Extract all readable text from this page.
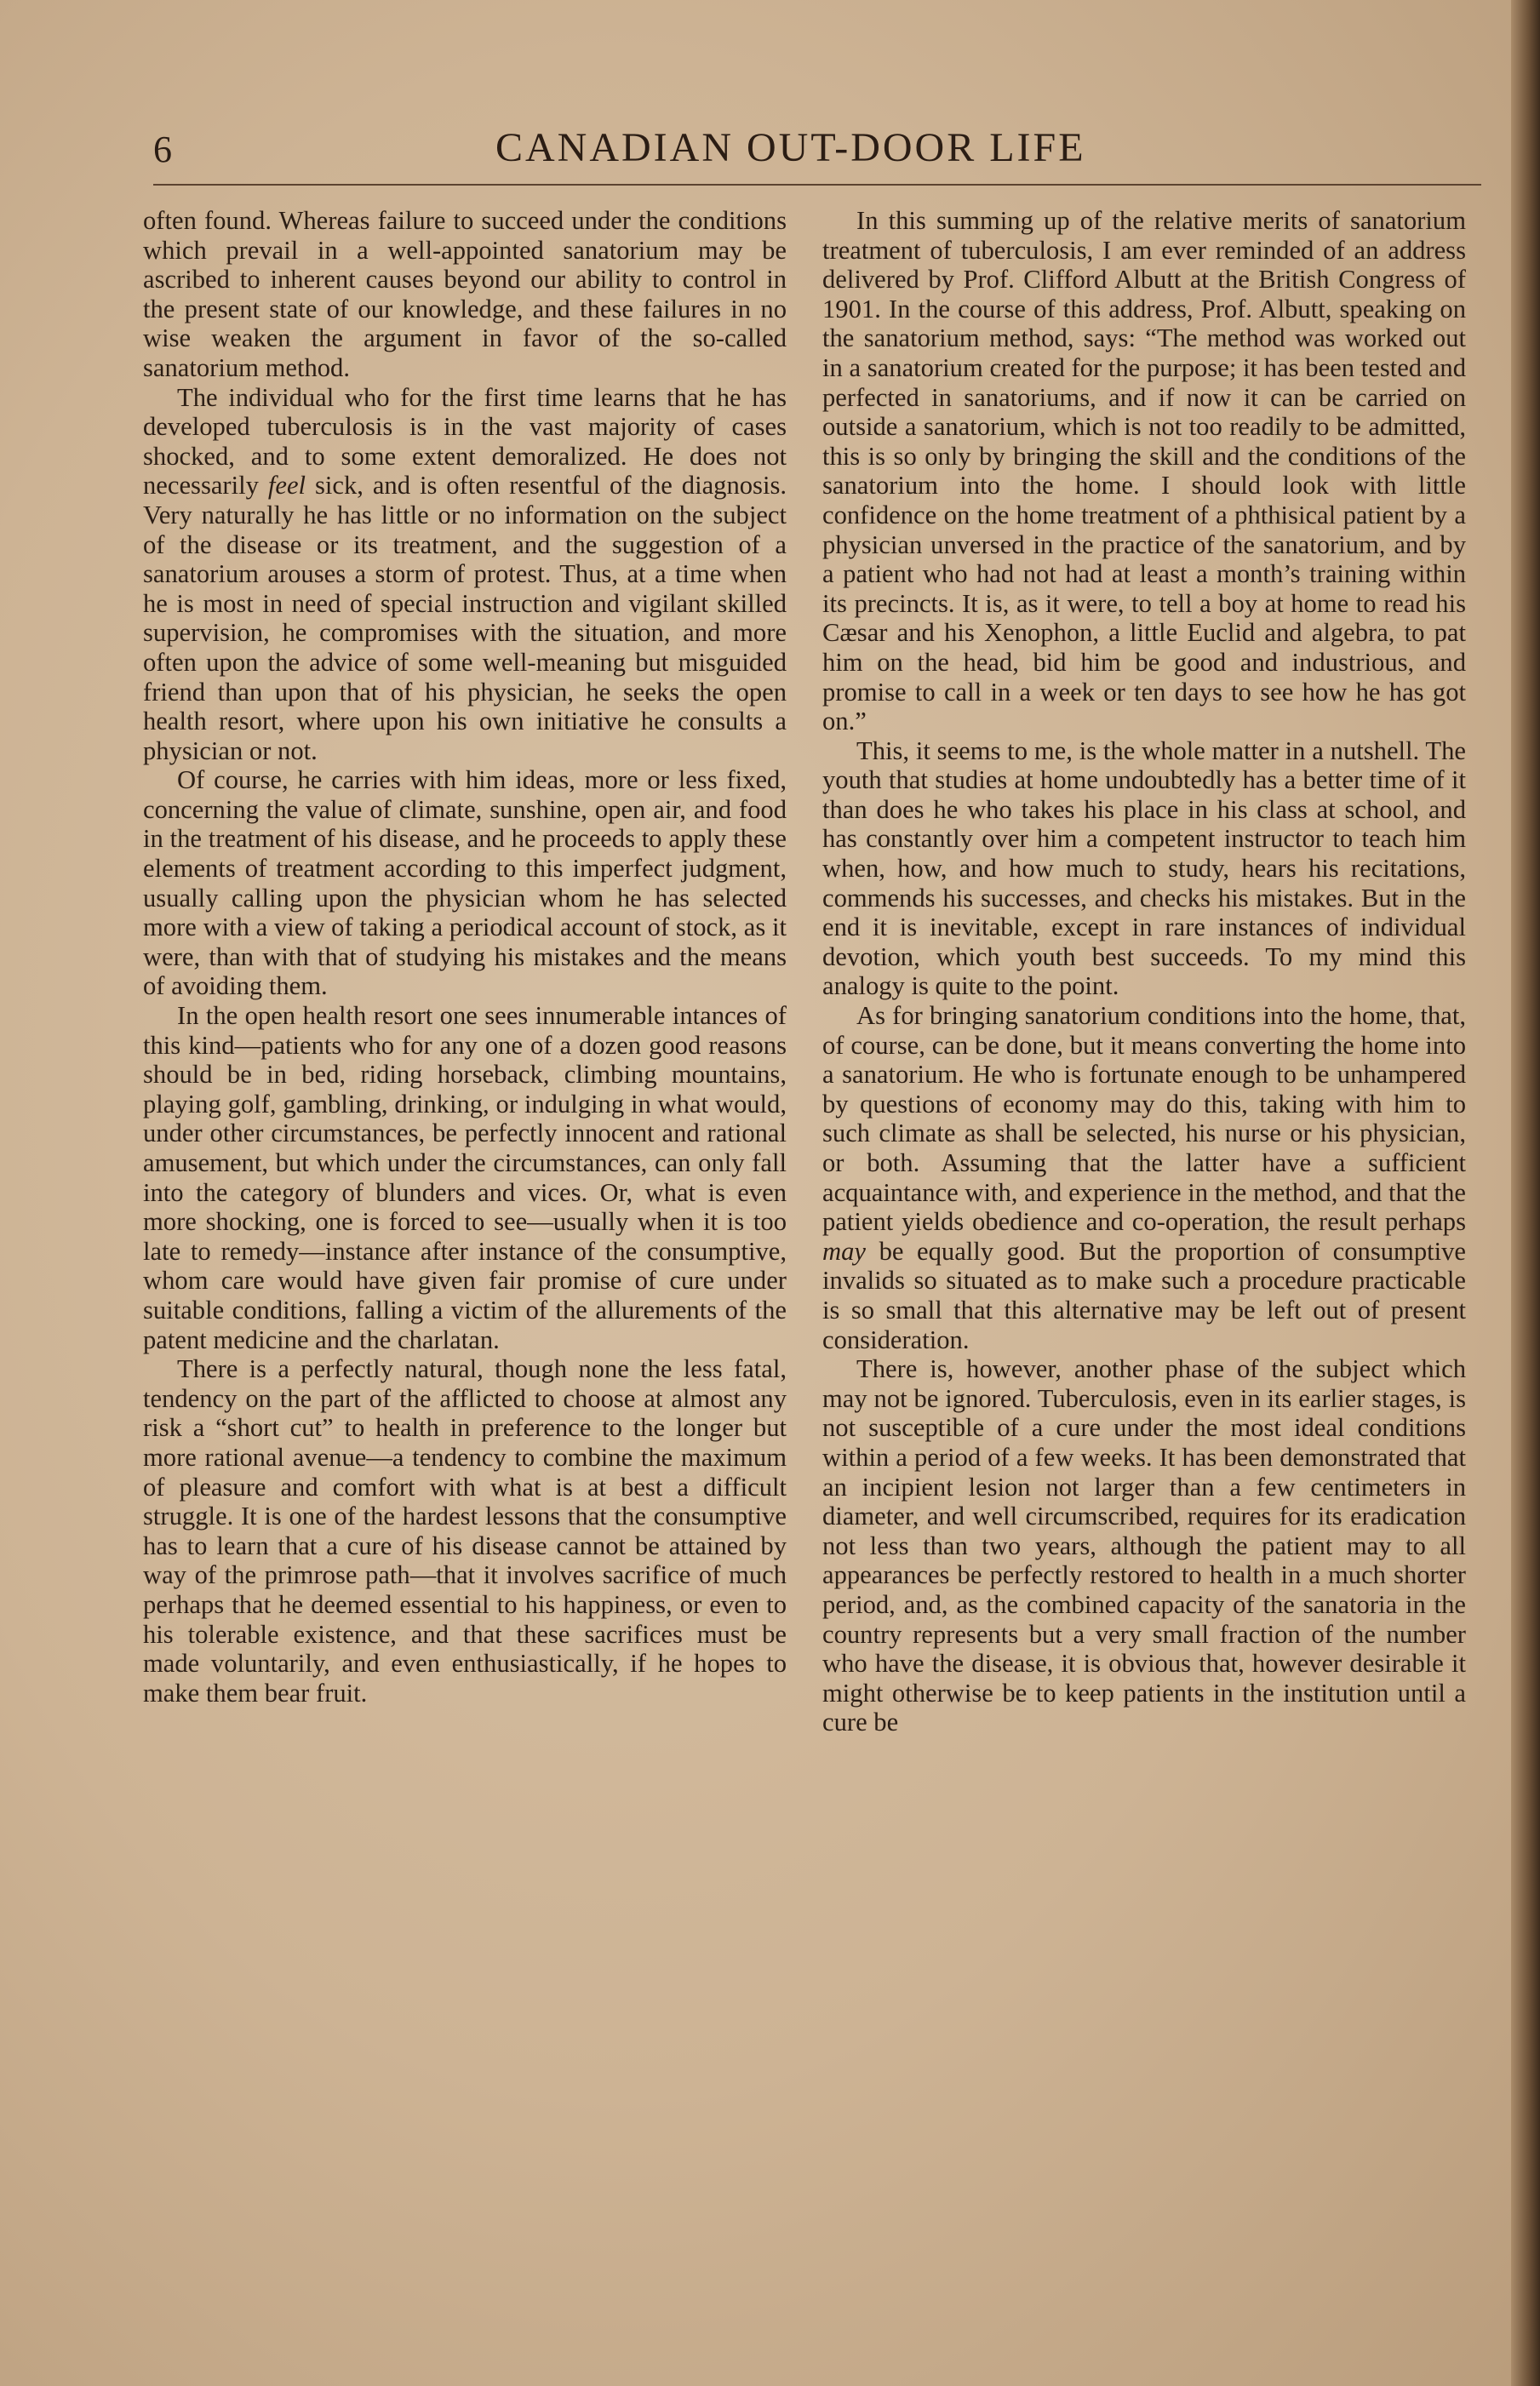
6	CANADIAN OUT-DOOR LIFE

often found. Whereas failure to succeed under the conditions which prevail in a well-appointed sanatorium may be ascribed to inherent causes beyond our ability to control in the present state of our knowledge, and these failures in no wise weaken the argument in favor of the so-called sanatorium method.

The individual who for the first time learns that he has developed tuberculosis is in the vast majority of cases shocked, and to some extent demoralized. He does not necessarily feel sick, and is often resentful of the diagnosis. Very naturally he has little or no information on the subject of the disease or its treatment, and the suggestion of a sanatorium arouses a storm of protest. Thus, at a time when he is most in need of special instruction and vigilant skilled supervision, he compromises with the situation, and more often upon the advice of some well-meaning but misguided friend than upon that of his physician, he seeks the open health resort, where upon his own initiative he consults a physician or not.

Of course, he carries with him ideas, more or less fixed, concerning the value of climate, sunshine, open air, and food in the treatment of his disease, and he proceeds to apply these elements of treatment according to this imperfect judgment, usually calling upon the physician whom he has selected more with a view of taking a periodical account of stock, as it were, than with that of studying his mistakes and the means of avoiding them.

In the open health resort one sees innumerable intances of this kind—patients who for any one of a dozen good reasons should be in bed, riding horseback, climbing mountains, playing golf, gambling, drinking, or indulging in what would, under other circumstances, be perfectly innocent and rational amusement, but which under the circumstances, can only fall into the category of blunders and vices. Or, what is even more shocking, one is forced to see—usually when it is too late to remedy—instance after instance of the consumptive, whom care would have given fair promise of cure under suitable conditions, falling a victim of the allurements of the patent medicine and the charlatan.

There is a perfectly natural, though none the less fatal, tendency on the part of the afflicted to choose at almost any risk a “short cut” to health in preference to the longer but more rational avenue—a tendency to combine the maximum of pleasure and comfort with what is at best a difficult struggle. It is one of the hardest lessons that the consumptive has to learn that a cure of his disease cannot be attained by way of the primrose path—that it involves sacrifice of much perhaps that he deemed essential to his happiness, or even to his tolerable existence, and that these sacrifices must be made voluntarily, and even enthusiastically, if he hopes to make them bear fruit.

In this summing up of the relative merits of sanatorium treatment of tuberculosis, I am ever reminded of an address delivered by Prof. Clifford Albutt at the British Congress of 1901. In the course of this address, Prof. Albutt, speaking on the sanatorium method, says: “The method was worked out in a sanatorium created for the purpose; it has been tested and perfected in sanatoriums, and if now it can be carried on outside a sanatorium, which is not too readily to be admitted, this is so only by bringing the skill and the conditions of the sanatorium into the home. I should look with little confidence on the home treatment of a phthisical patient by a physician unversed in the practice of the sanatorium, and by a patient who had not had at least a month’s training within its precincts. It is, as it were, to tell a boy at home to read his Cæsar and his Xenophon, a little Euclid and algebra, to pat him on the head, bid him be good and industrious, and promise to call in a week or ten days to see how he has got on.”

This, it seems to me, is the whole matter in a nutshell. The youth that studies at home undoubtedly has a better time of it than does he who takes his place in his class at school, and has constantly over him a competent instructor to teach him when, how, and how much to study, hears his recitations, commends his successes, and checks his mistakes. But in the end it is inevitable, except in rare instances of individual devotion, which youth best succeeds. To my mind this analogy is quite to the point.

As for bringing sanatorium conditions into the home, that, of course, can be done, but it means converting the home into a sanatorium. He who is fortunate enough to be unhampered by questions of economy may do this, taking with him to such climate as shall be selected, his nurse or his physician, or both. Assuming that the latter have a sufficient acquaintance with, and experience in the method, and that the patient yields obedience and co-operation, the result perhaps may be equally good. But the proportion of consumptive invalids so situated as to make such a procedure practicable is so small that this alternative may be left out of present consideration.

There is, however, another phase of the subject which may not be ignored. Tuberculosis, even in its earlier stages, is not susceptible of a cure under the most ideal conditions within a period of a few weeks. It has been demonstrated that an incipient lesion not larger than a few centimeters in diameter, and well circumscribed, requires for its eradication not less than two years, although the patient may to all appearances be perfectly restored to health in a much shorter period, and, as the combined capacity of the sanatoria in the country represents but a very small fraction of the number who have the disease, it is obvious that, however desirable it might otherwise be to keep patients in the institution until a cure be
